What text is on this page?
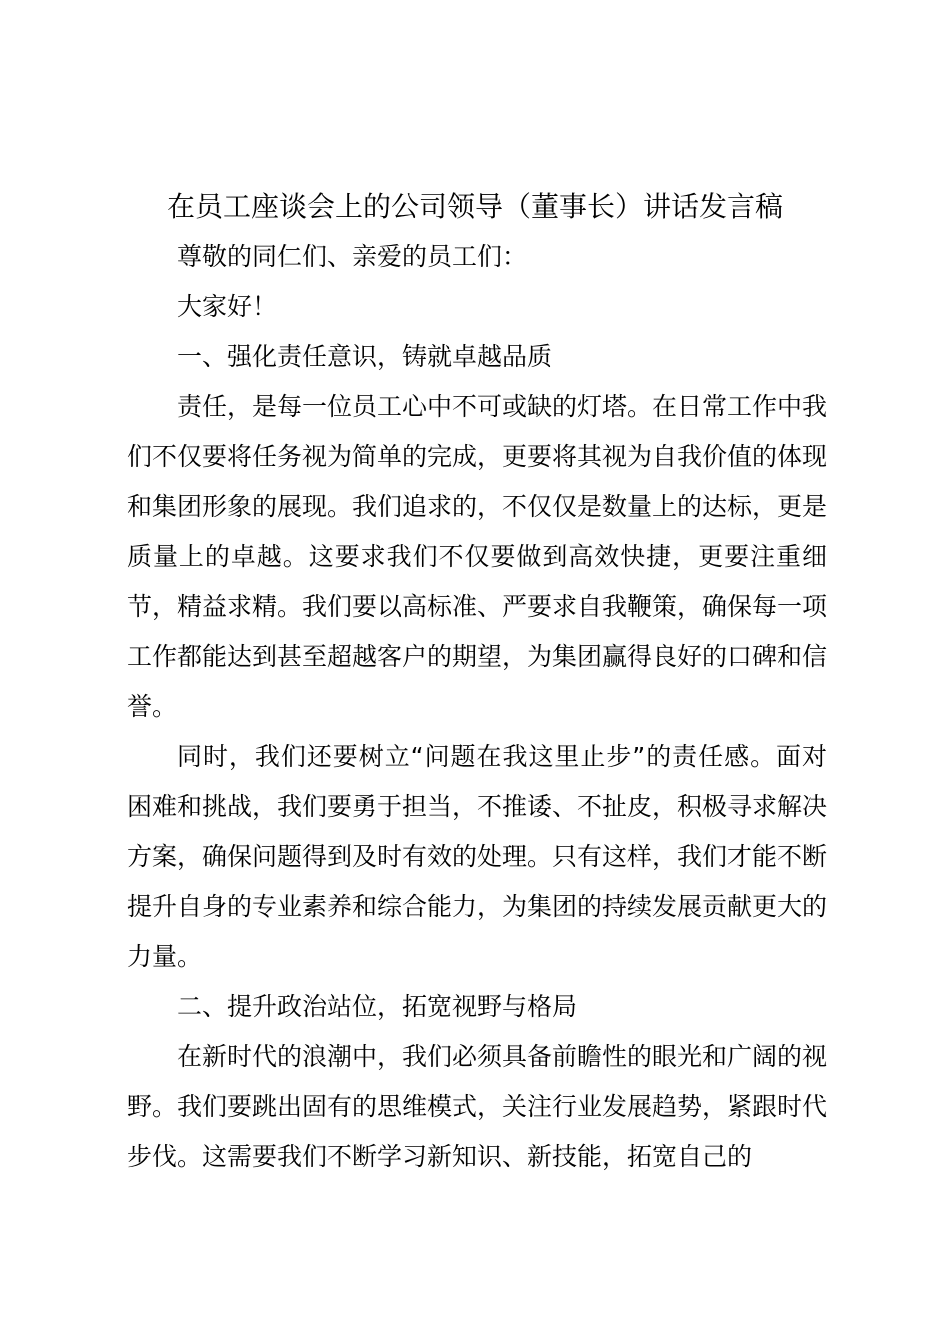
在员工座谈会上的公司领导（董事长）讲话发言稿

尊敬的同仁们、亲爱的员工们：

大家好！

一、强化责任意识，铸就卓越品质

责任，是每一位员工心中不可或缺的灯塔。在日常工作中我们不仅要将任务视为简单的完成，更要将其视为自我价值的体现和集团形象的展现。我们追求的，不仅仅是数量上的达标，更是质量上的卓越。这要求我们不仅要做到高效快捷，更要注重细节，精益求精。我们要以高标准、严要求自我鞭策，确保每一项工作都能达到甚至超越客户的期望，为集团赢得良好的口碑和信誉。

同时，我们还要树立“问题在我这里止步”的责任感。面对困难和挑战，我们要勇于担当，不推诿、不扯皮，积极寻求解决方案，确保问题得到及时有效的处理。只有这样，我们才能不断提升自身的专业素养和综合能力，为集团的持续发展贡献更大的力量。

二、提升政治站位，拓宽视野与格局

在新时代的浪潮中，我们必须具备前瞻性的眼光和广阔的视野。我们要跳出固有的思维模式，关注行业发展趋势，紧跟时代步伐。这需要我们不断学习新知识、新技能，拓宽自己的
